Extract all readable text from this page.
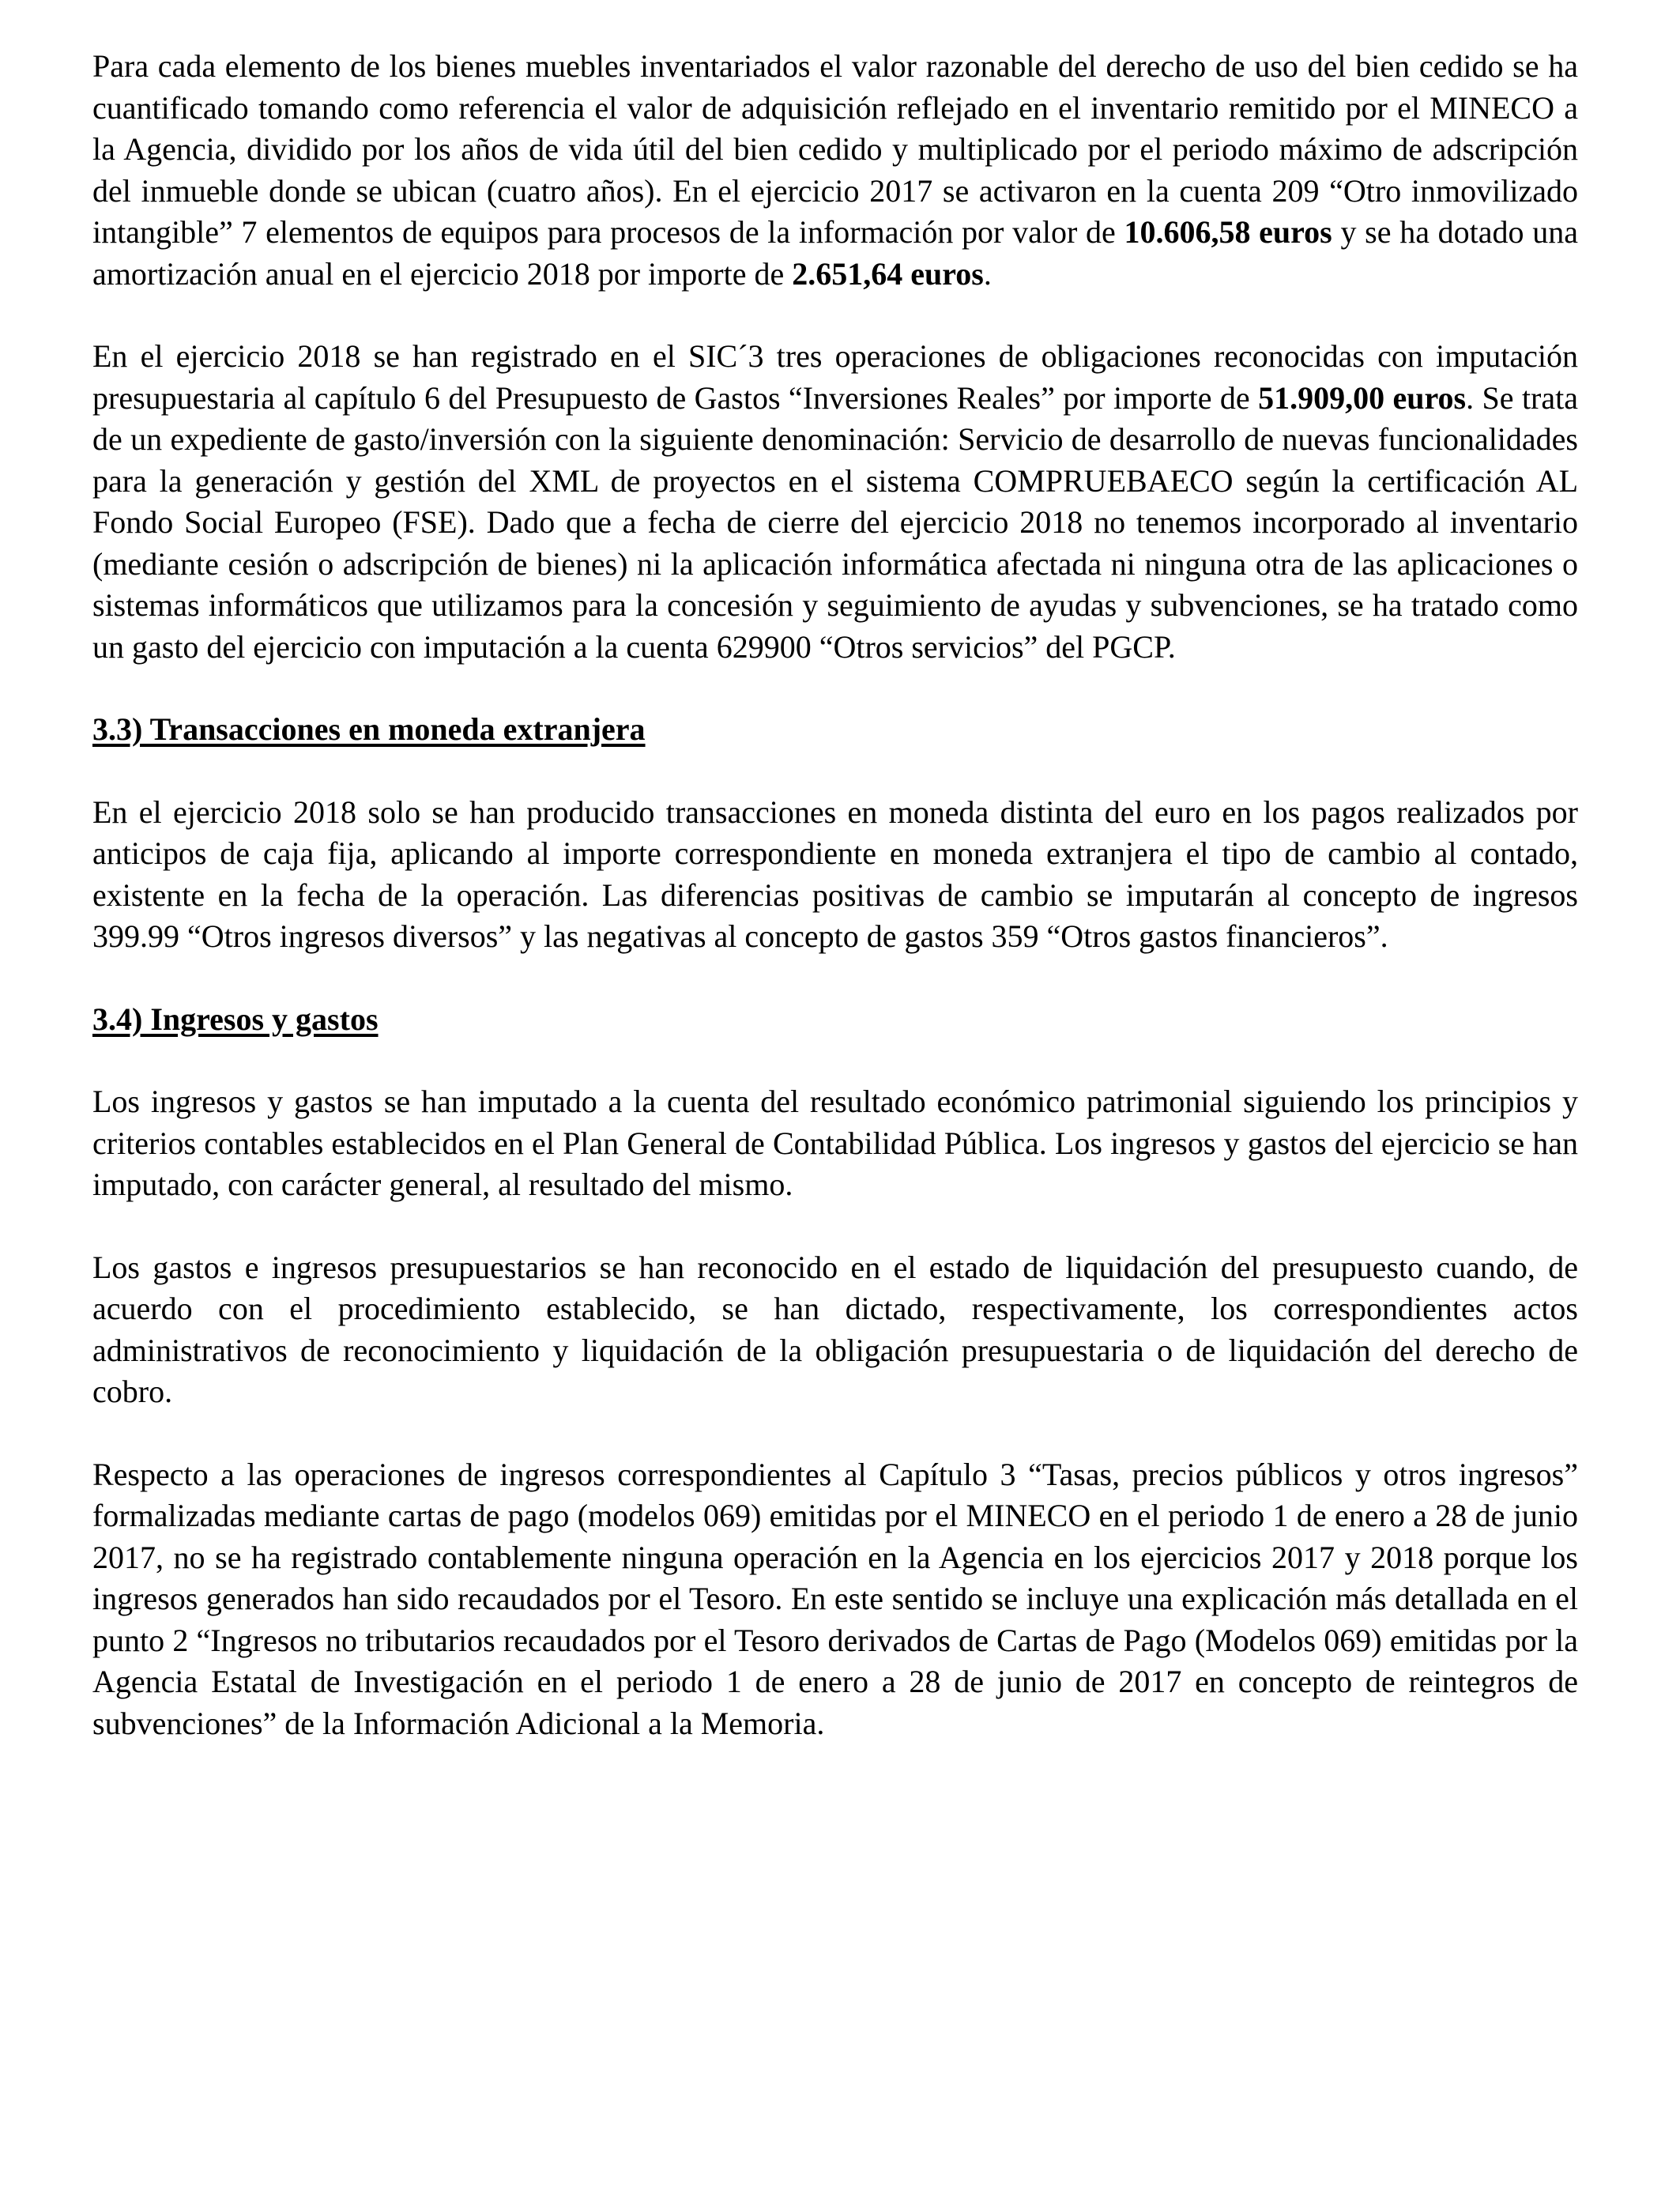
Para cada elemento de los bienes muebles inventariados el valor razonable del derecho de uso del bien cedido se ha cuantificado tomando como referencia el valor de adquisición reflejado en el inventario remitido por el MINECO a la Agencia, dividido por los años de vida útil del bien cedido y multiplicado por el periodo máximo de adscripción del inmueble donde se ubican (cuatro años). En el ejercicio 2017 se activaron en la cuenta 209 “Otro inmovilizado intangible” 7 elementos de equipos para procesos de la información por valor de 10.606,58 euros y se ha dotado una amortización anual en el ejercicio 2018 por importe de 2.651,64 euros.

En el ejercicio 2018 se han registrado en el SIC´3 tres operaciones de obligaciones reconocidas con imputación presupuestaria al capítulo 6 del Presupuesto de Gastos “Inversiones Reales” por importe de 51.909,00 euros. Se trata de un expediente de gasto/inversión con la siguiente denominación: Servicio de desarrollo de nuevas funcionalidades para la generación y gestión del XML de proyectos en el sistema COMPRUEBAECO según la certificación AL Fondo Social Europeo (FSE). Dado que a fecha de cierre del ejercicio 2018 no tenemos incorporado al inventario (mediante cesión o adscripción de bienes) ni la aplicación informática afectada ni ninguna otra de las aplicaciones o sistemas informáticos que utilizamos para la concesión y seguimiento de ayudas y subvenciones, se ha tratado como un gasto del ejercicio con imputación a la cuenta 629900 “Otros servicios” del PGCP.

3.3) Transacciones en moneda extranjera

En el ejercicio 2018 solo se han producido transacciones en moneda distinta del euro en los pagos realizados por anticipos de caja fija, aplicando al importe correspondiente en moneda extranjera el tipo de cambio al contado, existente en la fecha de la operación. Las diferencias positivas de cambio se imputarán al concepto de ingresos 399.99 “Otros ingresos diversos” y las negativas al concepto de gastos 359 “Otros gastos financieros”.

3.4) Ingresos y gastos

Los ingresos y gastos se han imputado a la cuenta del resultado económico patrimonial siguiendo los principios y criterios contables establecidos en el Plan General de Contabilidad Pública. Los ingresos y gastos del ejercicio se han imputado, con carácter general, al resultado del mismo.

Los gastos e ingresos presupuestarios se han reconocido en el estado de liquidación del presupuesto cuando, de acuerdo con el procedimiento establecido, se han dictado, respectivamente, los correspondientes actos administrativos de reconocimiento y liquidación de la obligación presupuestaria o de liquidación del derecho de cobro.

Respecto a las operaciones de ingresos correspondientes al Capítulo 3 “Tasas, precios públicos y otros ingresos” formalizadas mediante cartas de pago (modelos 069) emitidas por el MINECO en el periodo 1 de enero a 28 de junio 2017, no se ha registrado contablemente ninguna operación en la Agencia en los ejercicios 2017 y 2018 porque los ingresos generados han sido recaudados por el Tesoro. En este sentido se incluye una explicación más detallada en el punto 2 “Ingresos no tributarios recaudados por el Tesoro derivados de Cartas de Pago (Modelos 069) emitidas por la Agencia Estatal de Investigación en el periodo 1 de enero a 28 de junio de 2017 en concepto de reintegros de subvenciones” de la Información Adicional a la Memoria.
